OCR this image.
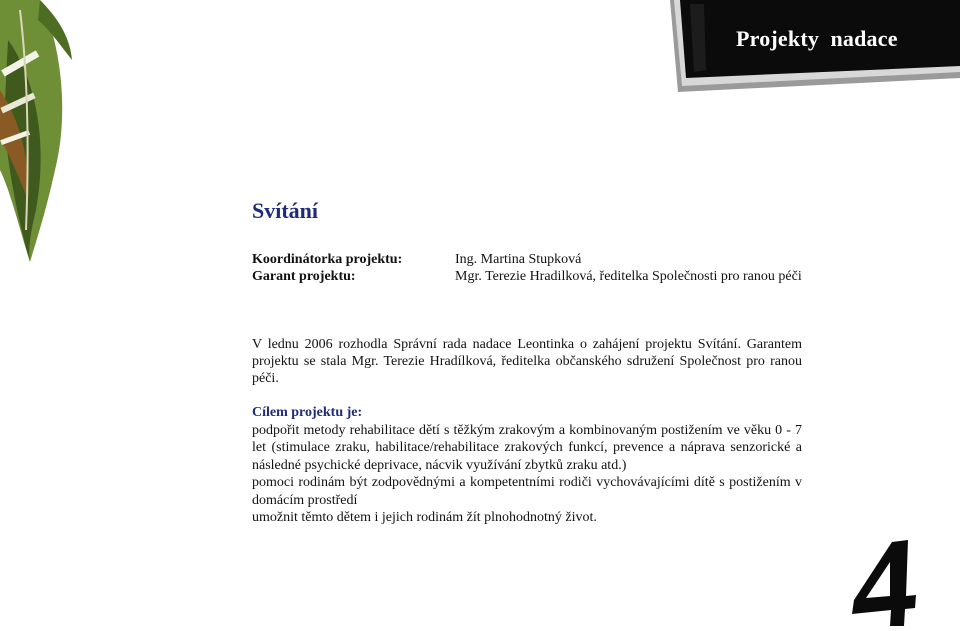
Projekty  nadace
Svítání
Koordinátorka projektu:	Ing. Martina Stupková
Garant projektu:	Mgr. Terezie Hradilková, ředitelka Společnosti pro ranou péči

V lednu 2006 rozhodla Správní rada nadace Leontinka o zahájení projektu Svítání. Garantem projektu se stala Mgr. Terezie Hradílková, ředitelka občanského sdružení Společnost pro ranou péči.

Cílem projektu je:

podpořit metody rehabilitace dětí s těžkým zrakovým a kombinovaným postižením ve věku 0 - 7 let (stimulace zraku, habilitace/rehabilitace zrakových funkcí, prevence a náprava senzorické a následné psychické deprivace, nácvik využívání zbytků zraku atd.)

pomoci rodinám být zodpovědnými a kompetentními rodiči vychovávajícími dítě s postižením v domácím prostředí

umožnit těmto dětem i jejich rodinám žít plnohodnotný život.
